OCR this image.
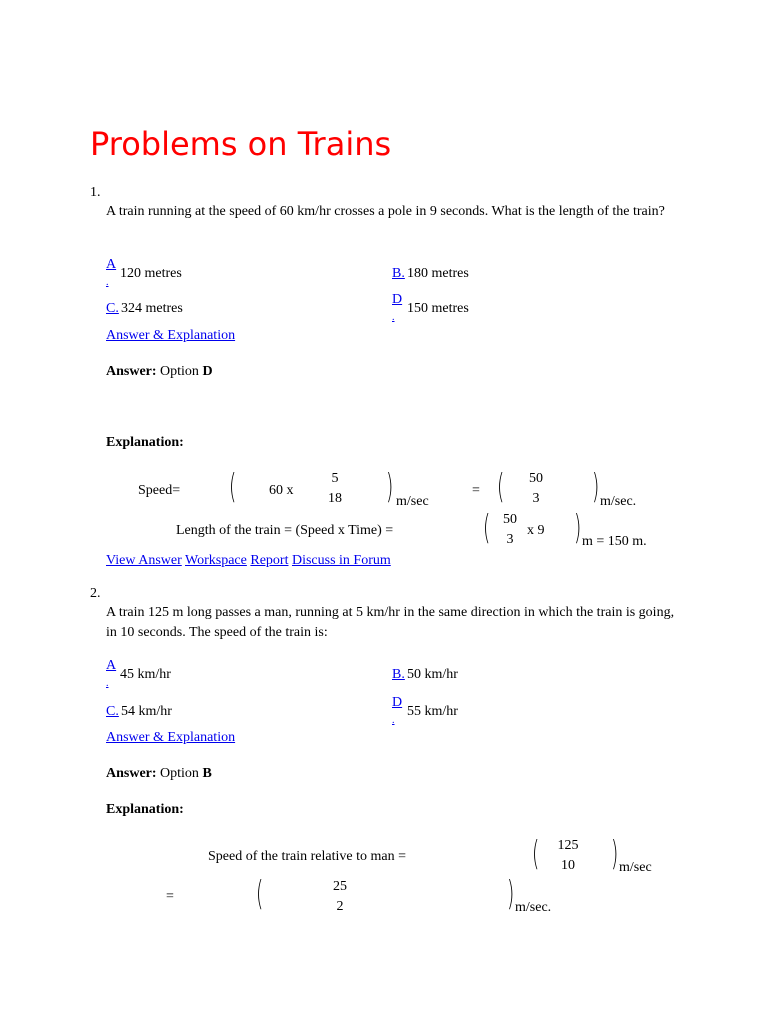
Problems on Trains
1.
A train running at the speed of 60 km/hr crosses a pole in 9 seconds. What is the length of the train?
A
.
120 metres	B. 180 metres
C. 324 metres
D
.
150 metres
Answer & Explanation
Answer: Option D
Explanation:
Speed= ( 60 x
5
18 ) m/sec
= (	50
3	) m/sec.
Length of the train = (Speed x Time) =	( 50
3
x 9 ) m = 150 m.
View Answer Workspace Report Discuss in Forum
2.
A train 125 m long passes a man, running at 5 km/hr in the same direction in which the train is going, in 10 seconds. The speed of the train is:
A
.
45 km/hr	B. 50 km/hr
C. 54 km/hr
D
.
55 km/hr
Answer & Explanation
Answer: Option B
Explanation:
Speed of the train relative to man =	(	125
10 ) m/sec
= (	25
2	) m/sec.
